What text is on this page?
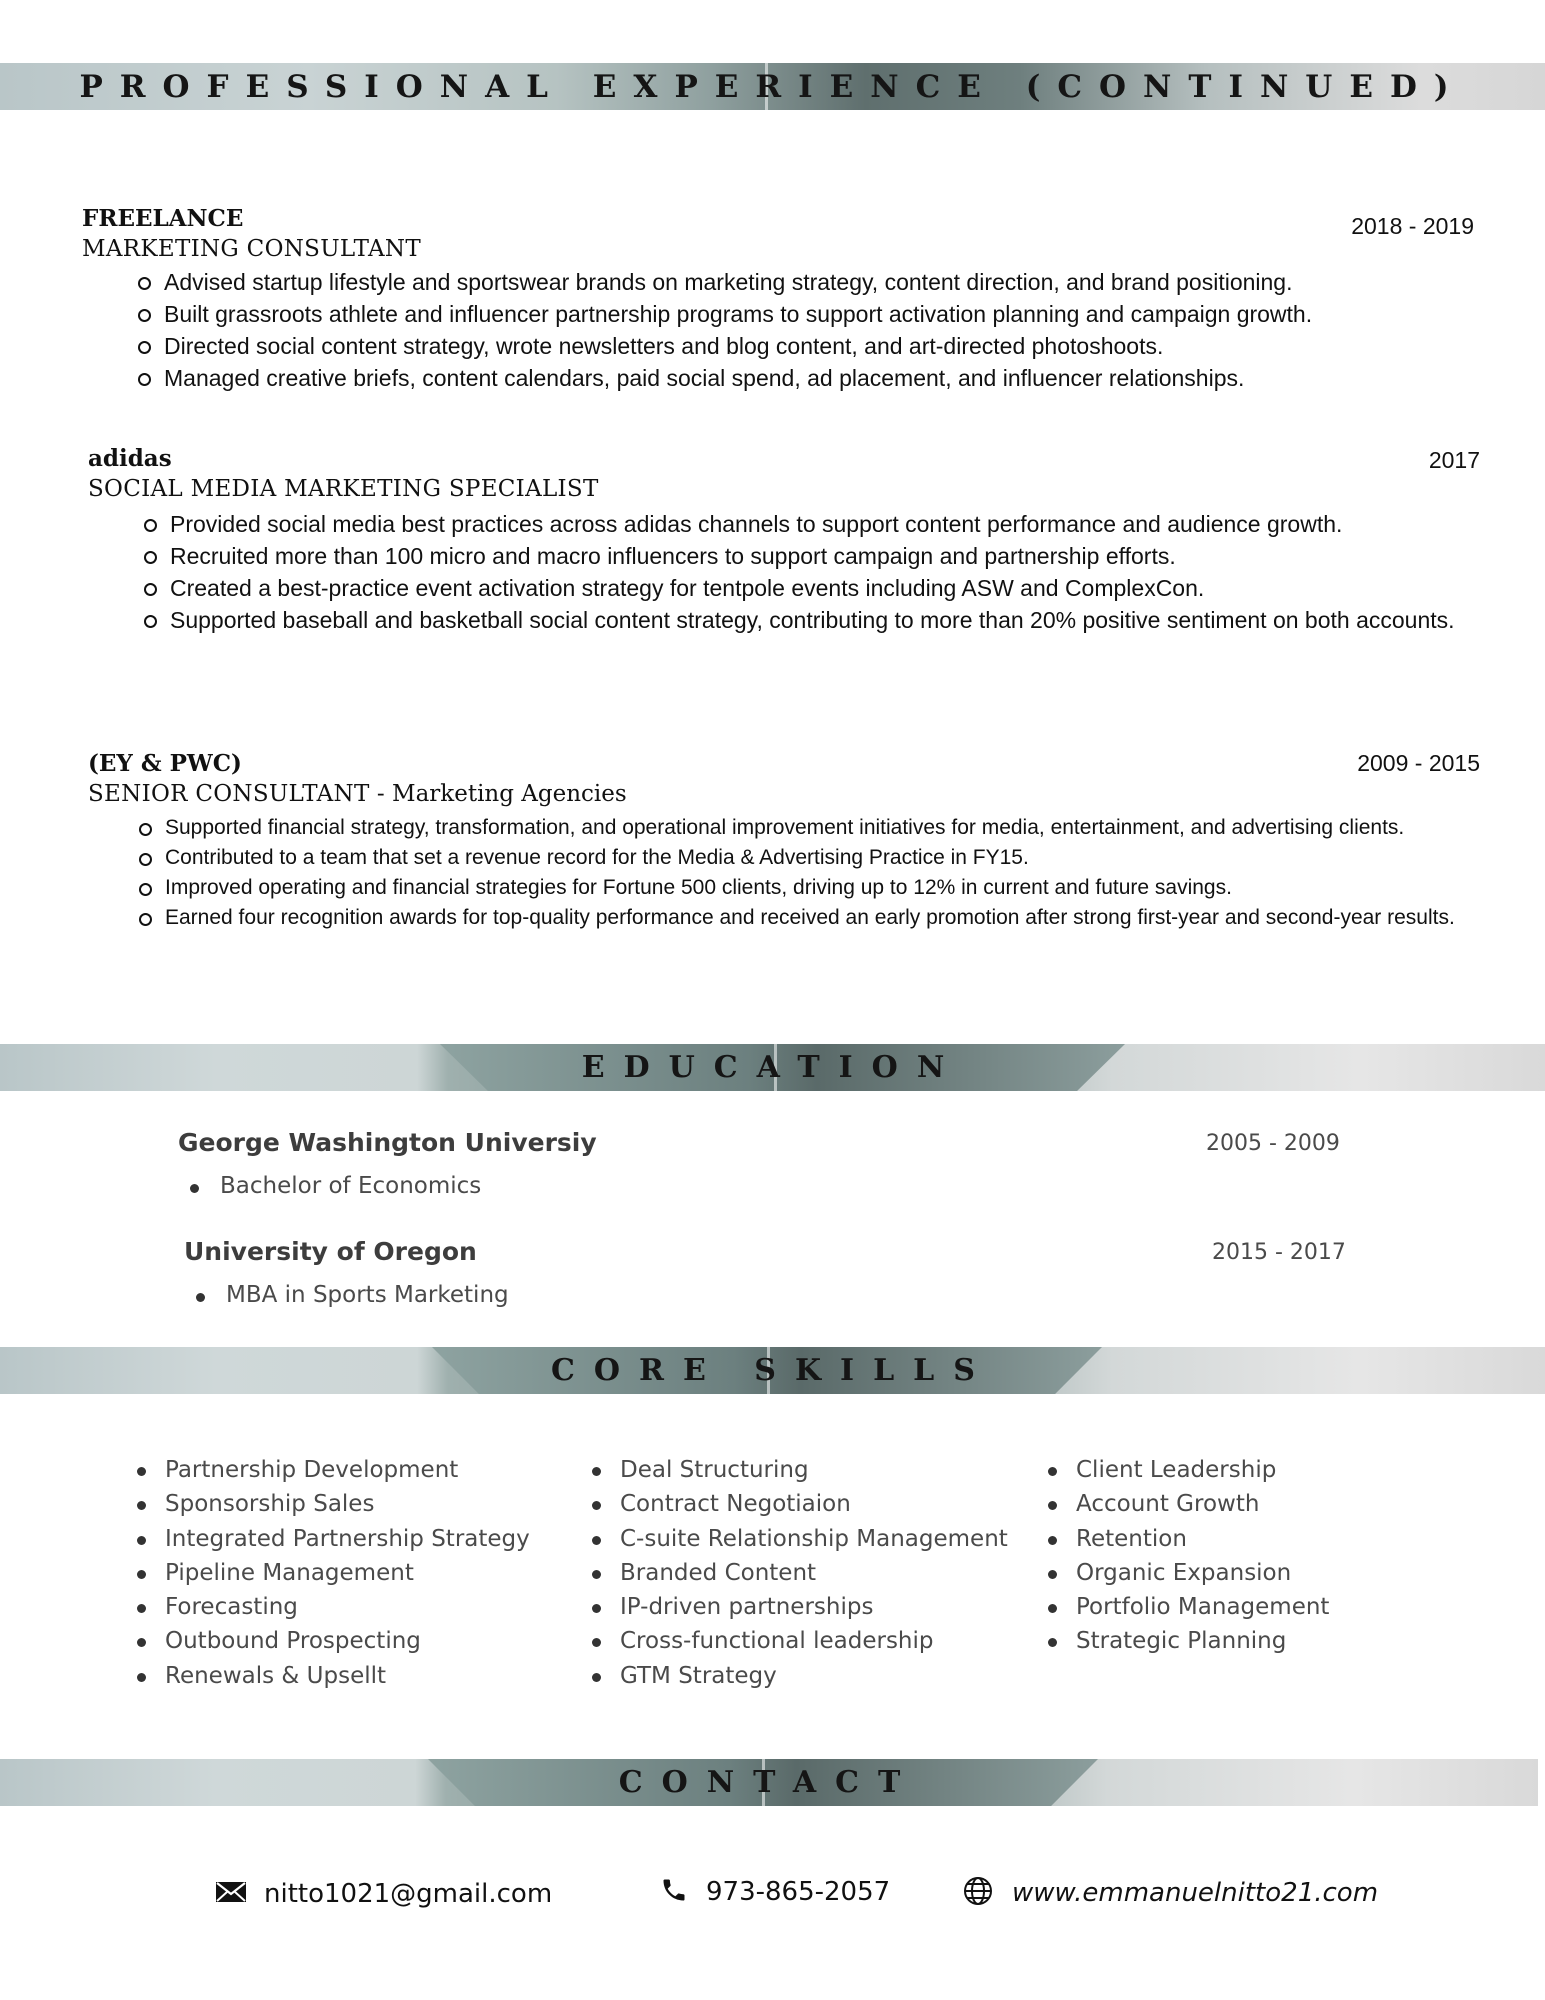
PROFESSIONAL EXPERIENCE (CONTINUED)
FREELANCE
MARKETING CONSULTANT
Advised startup lifestyle and sportswear brands on marketing strategy, content direction, and brand positioning.
Built grassroots athlete and influencer partnership programs to support activation planning and campaign growth.
Directed social content strategy, wrote newsletters and blog content, and art-directed photoshoots.
Managed creative briefs, content calendars, paid social spend, ad placement, and influencer relationships.
2018 - 2019
adidas
SOCIAL MEDIA MARKETING SPECIALIST
Provided social media best practices across adidas channels to support content performance and audience growth.
Recruited more than 100 micro and macro influencers to support campaign and partnership efforts.
Created a best-practice event activation strategy for tentpole events including ASW and ComplexCon.
Supported baseball and basketball social content strategy, contributing to more than 20% positive sentiment on both accounts.
2017
(EY & PWC)
SENIOR CONSULTANT - Marketing Agencies
Supported financial strategy, transformation, and operational improvement initiatives for media, entertainment, and advertising clients.
Contributed to a team that set a revenue record for the Media & Advertising Practice in FY15.
Improved operating and financial strategies for Fortune 500 clients, driving up to 12% in current and future savings.
Earned four recognition awards for top-quality performance and received an early promotion after strong first-year and second-year results.
2009 - 2015
EDUCATION
George Washington Universiy
Bachelor of Economics
2005 - 2009
University of Oregon
MBA in Sports Marketing
2015 - 2017
CORE SKILLS
Partnership Development
Sponsorship Sales
Integrated Partnership Strategy
Pipeline Management
Forecasting
Outbound Prospecting
Renewals & Upsellt
Deal Structuring
Contract Negotiaion
C-suite Relationship Management
Branded Content
IP-driven partnerships
Cross-functional leadership
GTM Strategy
Client Leadership
Account Growth
Retention
Organic Expansion
Portfolio Management
Strategic Planning
CONTACT
nitto1021@gmail.com	973-865-2057	www.emmanuelnitto21.com
